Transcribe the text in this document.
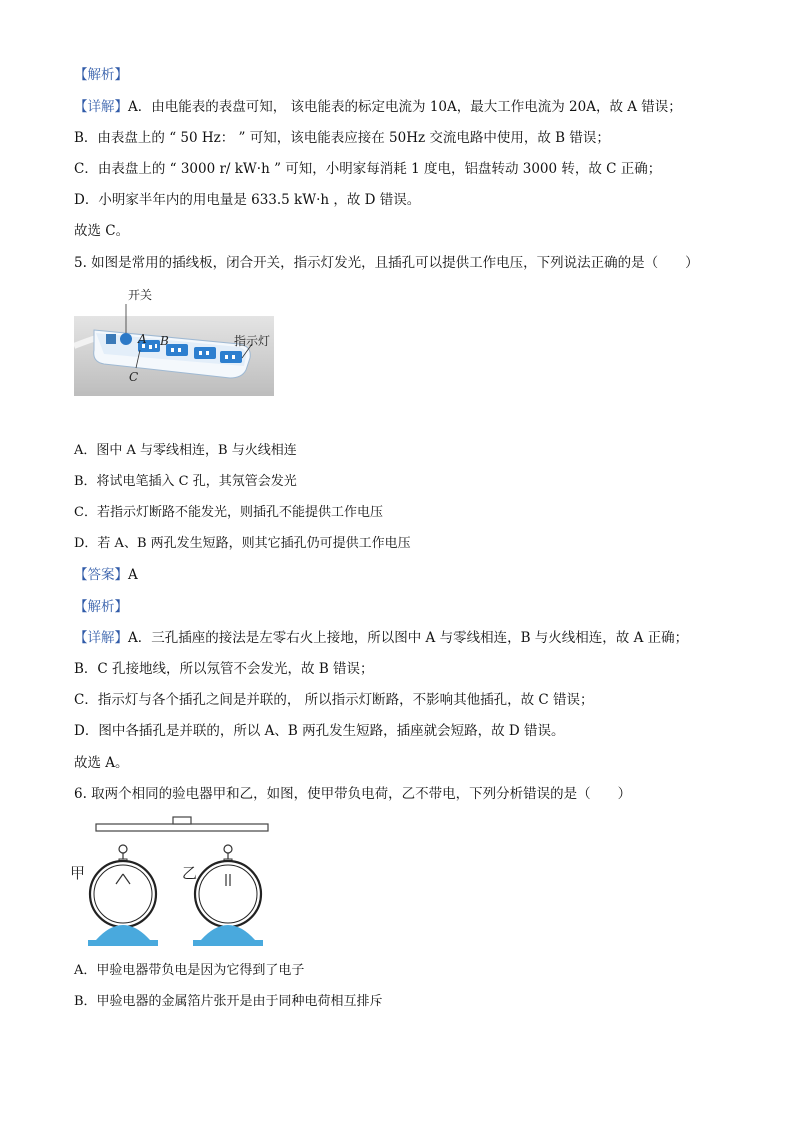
【解析】
【详解】A．由电能表的表盘可知， 该电能表的标定电流为 10A，最大工作电流为 20A，故 A 错误；
B．由表盘上的 “ 50 Hz： ” 可知，该电能表应接在 50Hz 交流电路中使用，故 B 错误；
C．由表盘上的 “ 3000 r/ kW·h ” 可知，小明家每消耗 1 度电，铝盘转动 3000 转，故 C 正确；
D．小明家半年内的用电量是 633.5 kW·h ，故 D 错误。
故选 C。
5. 如图是常用的插线板，闭合开关，指示灯发光，且插孔可以提供工作电压，下列说法正确的是（　　）
开关
指示灯
A B
C
A．图中 A 与零线相连，B 与火线相连
B．将试电笔插入 C 孔，其氖管会发光
C．若指示灯断路不能发光，则插孔不能提供工作电压
D．若 A、B 两孔发生短路，则其它插孔仍可提供工作电压
【答案】A
【解析】
【详解】A．三孔插座的接法是左零右火上接地，所以图中 A 与零线相连，B 与火线相连，故 A 正确；
B．C 孔接地线，所以氖管不会发光，故 B 错误；
C．指示灯与各个插孔之间是并联的， 所以指示灯断路，不影响其他插孔，故 C 错误；
D．图中各插孔是并联的，所以 A、B 两孔发生短路，插座就会短路，故 D 错误。
故选 A。
6. 取两个相同的验电器甲和乙，如图，使甲带负电荷，乙不带电，下列分析错误的是（　　）
甲	乙
A．甲验电器带负电是因为它得到了电子
B．甲验电器的金属箔片张开是由于同种电荷相互排斥
